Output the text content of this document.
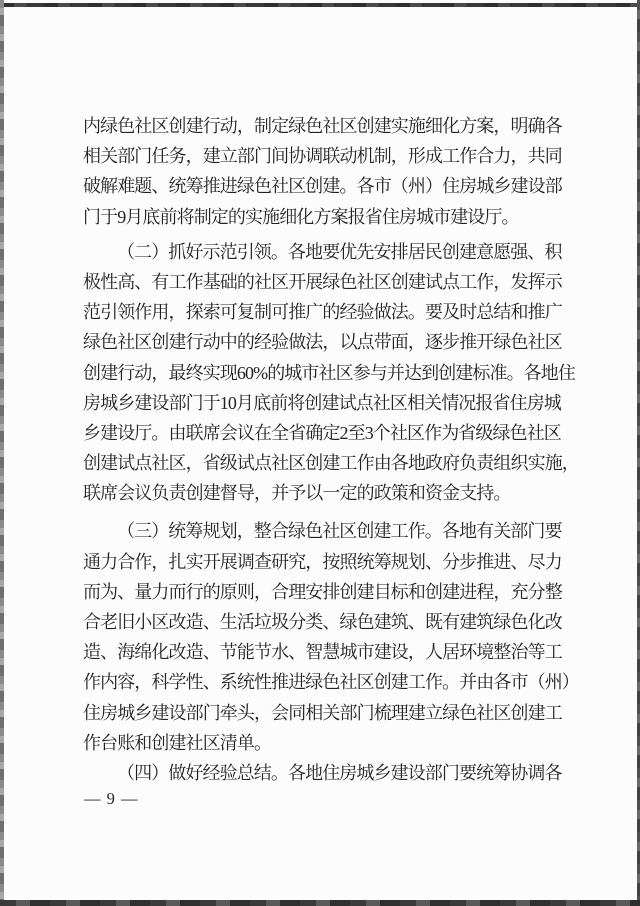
内绿色社区创建行动，制定绿色社区创建实施细化方案，明确各
相关部门任务，建立部门间协调联动机制，形成工作合力，共同
破解难题、统筹推进绿色社区创建。各市（州）住房城乡建设部
门于9月底前将制定的实施细化方案报省住房城市建设厅。
（二）抓好示范引领。各地要优先安排居民创建意愿强、积
极性高、有工作基础的社区开展绿色社区创建试点工作，发挥示
范引领作用，探索可复制可推广的经验做法。要及时总结和推广
绿色社区创建行动中的经验做法，以点带面，逐步推开绿色社区
创建行动，最终实现60%的城市社区参与并达到创建标准。各地住
房城乡建设部门于10月底前将创建试点社区相关情况报省住房城
乡建设厅。由联席会议在全省确定2至3个社区作为省级绿色社区
创建试点社区，省级试点社区创建工作由各地政府负责组织实施，
联席会议负责创建督导，并予以一定的政策和资金支持。
（三）统筹规划，整合绿色社区创建工作。各地有关部门要
通力合作，扎实开展调查研究，按照统筹规划、分步推进、尽力
而为、量力而行的原则，合理安排创建目标和创建进程，充分整
合老旧小区改造、生活垃圾分类、绿色建筑、既有建筑绿色化改
造、海绵化改造、节能节水、智慧城市建设，人居环境整治等工
作内容，科学性、系统性推进绿色社区创建工作。并由各市（州）
住房城乡建设部门牵头，会同相关部门梳理建立绿色社区创建工
作台账和创建社区清单。
（四）做好经验总结。各地住房城乡建设部门要统筹协调各
— 9 —
